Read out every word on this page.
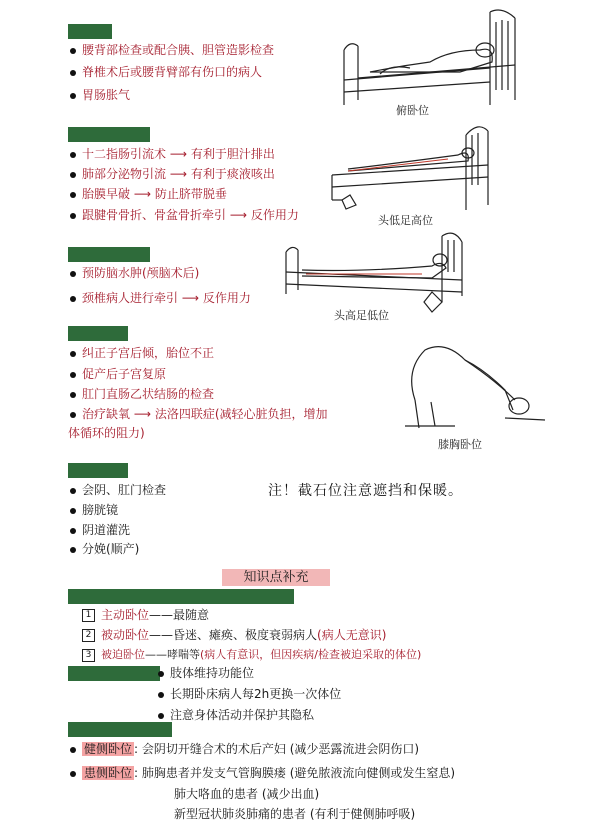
腰背部检查或配合胰、胆管造影检查
脊椎术后或腰背臂部有伤口的病人
胃肠胀气
俯卧位
十二指肠引流术 ⟶ 有利于胆汁排出
肺部分泌物引流 ⟶ 有利于痰液咳出
胎膜早破 ⟶ 防止脐带脱垂
跟腱骨骨折、骨盆骨折牵引 ⟶ 反作用力	头低足高位
预防脑水肿(颅脑术后)
颈椎病人进行牵引 ⟶ 反作用力
头高足低位
纠正子宫后倾，胎位不正
促产后子宫复原
肛门直肠乙状结肠的检查
治疗缺氧 ⟶ 法洛四联症(减轻心脏负担，增加
体循环的阻力)
膝胸卧位
会阴、肛门检查
膀胱镜
阴道灌洗
分娩(顺产)
注！截石位注意遮挡和保暖。
知识点补充
1 主动卧位——最随意
2 被动卧位——昏迷、瘫痪、极度衰弱病人(病人无意识)
3 被迫卧位——哮喘等(病人有意识，但因疾病/检查被迫采取的体位)
肢体维持功能位
长期卧床病人每2h更换一次体位
注意身体活动并保护其隐私
健侧卧位 : 会阴切开缝合术的术后产妇 (减少恶露流进会阴伤口)
患侧卧位 : 肺胸患者并发支气管胸膜瘘 (避免脓液流向健侧或发生窒息)
肺大咯血的患者 (减少出血)
新型冠状肺炎肺痛的患者 (有利于健侧肺呼吸)
